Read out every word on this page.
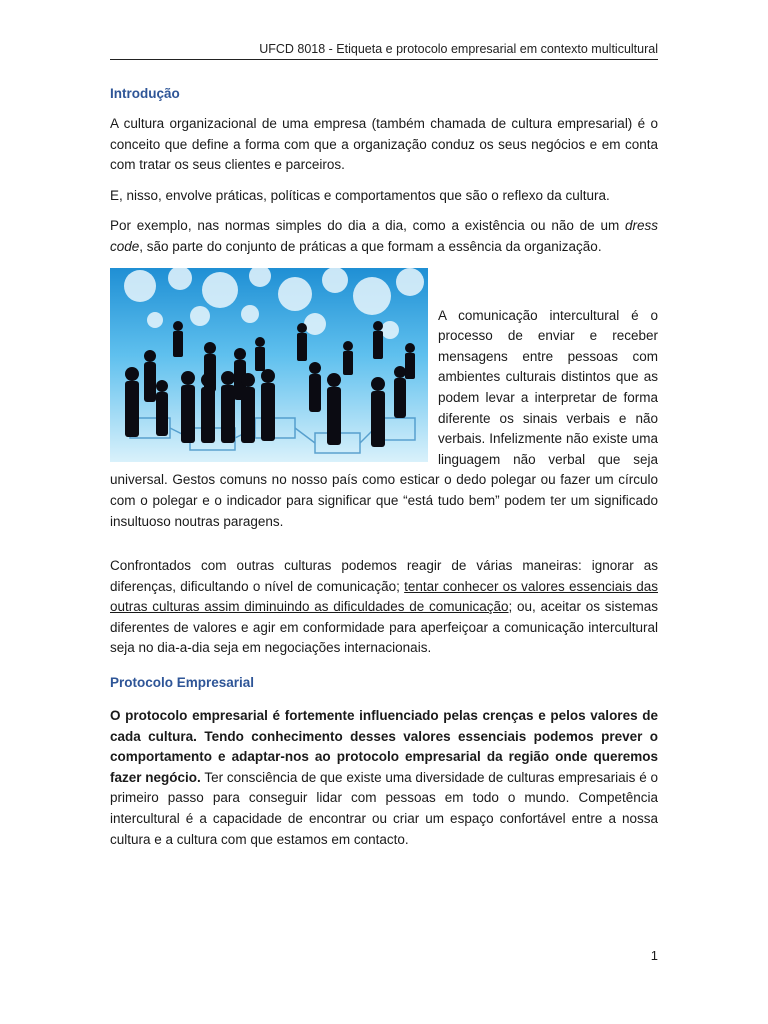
UFCD 8018 - Etiqueta e protocolo empresarial em contexto multicultural
Introdução

A cultura organizacional de uma empresa (também chamada de cultura empresarial) é o conceito que define a forma com que a organização conduz os seus negócios e em conta com tratar os seus clientes e parceiros.

E, nisso, envolve práticas, políticas e comportamentos que são o reflexo da cultura.

Por exemplo, nas normas simples do dia a dia, como a existência ou não de um dress code, são parte do conjunto de práticas a que formam a essência da organização.

A comunicação intercultural é o processo de enviar e receber mensagens entre pessoas com ambientes culturais distintos que as podem levar a interpretar de forma diferente os sinais verbais e não verbais. Infelizmente não existe uma linguagem não verbal que seja universal. Gestos comuns no nosso país como esticar o dedo polegar ou fazer um círculo com o polegar e o indicador para significar que “está tudo bem” podem ter um significado insultuoso noutras paragens.

Confrontados com outras culturas podemos reagir de várias maneiras: ignorar as diferenças, dificultando o nível de comunicação; tentar conhecer os valores essenciais das outras culturas assim diminuindo as dificuldades de comunicação; ou, aceitar os sistemas diferentes de valores e agir em conformidade para aperfeiçoar a comunicação intercultural seja no dia-a-dia seja em negociações internacionais.

Protocolo Empresarial

O protocolo empresarial é fortemente influenciado pelas crenças e pelos valores de cada cultura. Tendo conhecimento desses valores essenciais podemos prever o comportamento e adaptar-nos ao protocolo empresarial da região onde queremos fazer negócio. Ter consciência de que existe uma diversidade de culturas empresariais é o primeiro passo para conseguir lidar com pessoas em todo o mundo. Competência intercultural é a capacidade de encontrar ou criar um espaço confortável entre a nossa cultura e a cultura com que estamos em contacto.

1
